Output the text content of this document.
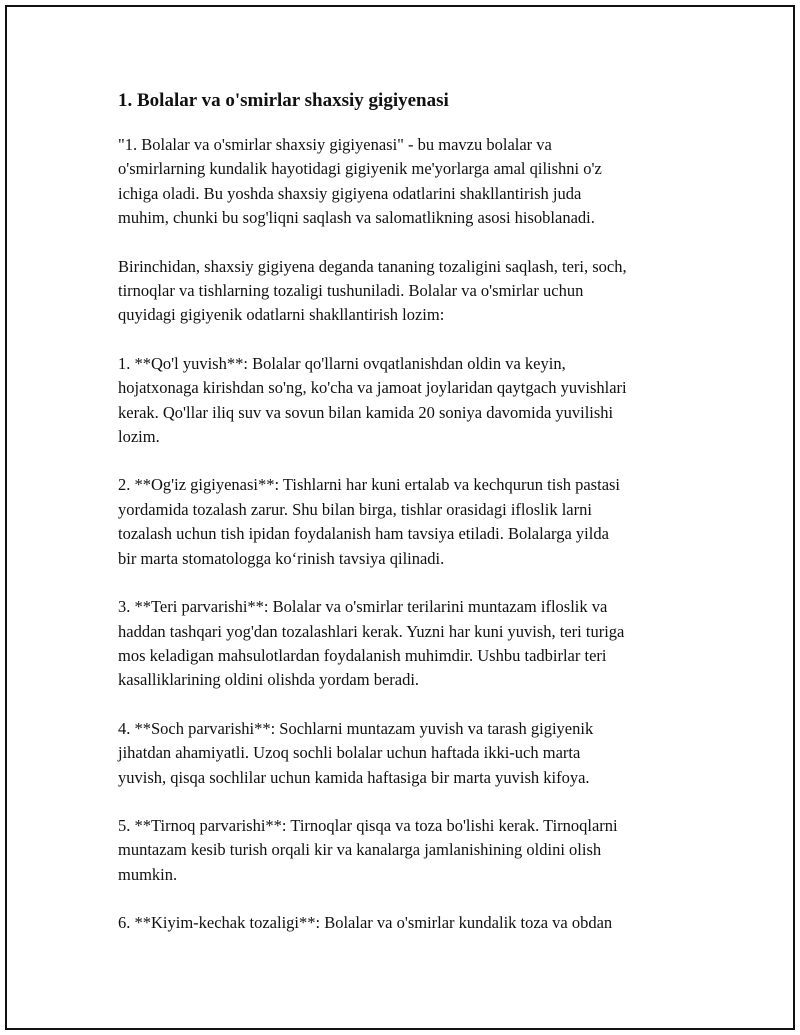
1. Bolalar va o'smirlar shaxsiy gigiyenasi

"1. Bolalar va o'smirlar shaxsiy gigiyenasi" - bu mavzu bolalar va
o'smirlarning kundalik hayotidagi gigiyenik me'yorlarga amal qilishni o'z
ichiga oladi. Bu yoshda shaxsiy gigiyena odatlarini shakllantirish juda
muhim, chunki bu sog'liqni saqlash va salomatlikning asosi hisoblanadi.

Birinchidan, shaxsiy gigiyena deganda tananing tozaligini saqlash, teri, soch,
tirnoqlar va tishlarning tozaligi tushuniladi. Bolalar va o'smirlar uchun
quyidagi gigiyenik odatlarni shakllantirish lozim:

1. **Qo'l yuvish**: Bolalar qo'llarni ovqatlanishdan oldin va keyin,
hojatxonaga kirishdan so'ng, ko'cha va jamoat joylaridan qaytgach yuvishlari
kerak. Qo'llar iliq suv va sovun bilan kamida 20 soniya davomida yuvilishi
lozim.

2. **Og'iz gigiyenasi**: Tishlarni har kuni ertalab va kechqurun tish pastasi
yordamida tozalash zarur. Shu bilan birga, tishlar orasidagi ifloslik larni
tozalash uchun tish ipidan foydalanish ham tavsiya etiladi. Bolalarga yilda
bir marta stomatologga koʻrinish tavsiya qilinadi.

3. **Teri parvarishi**: Bolalar va o'smirlar terilarini muntazam ifloslik va
haddan tashqari yog'dan tozalashlari kerak. Yuzni har kuni yuvish, teri turiga
mos keladigan mahsulotlardan foydalanish muhimdir. Ushbu tadbirlar teri
kasalliklarining oldini olishda yordam beradi.

4. **Soch parvarishi**: Sochlarni muntazam yuvish va tarash gigiyenik
jihatdan ahamiyatli. Uzoq sochli bolalar uchun haftada ikki-uch marta
yuvish, qisqa sochlilar uchun kamida haftasiga bir marta yuvish kifoya.

5. **Tirnoq parvarishi**: Tirnoqlar qisqa va toza bo'lishi kerak. Tirnoqlarni
muntazam kesib turish orqali kir va kanalarga jamlanishining oldini olish
mumkin.

6. **Kiyim-kechak tozaligi**: Bolalar va o'smirlar kundalik toza va obdan
